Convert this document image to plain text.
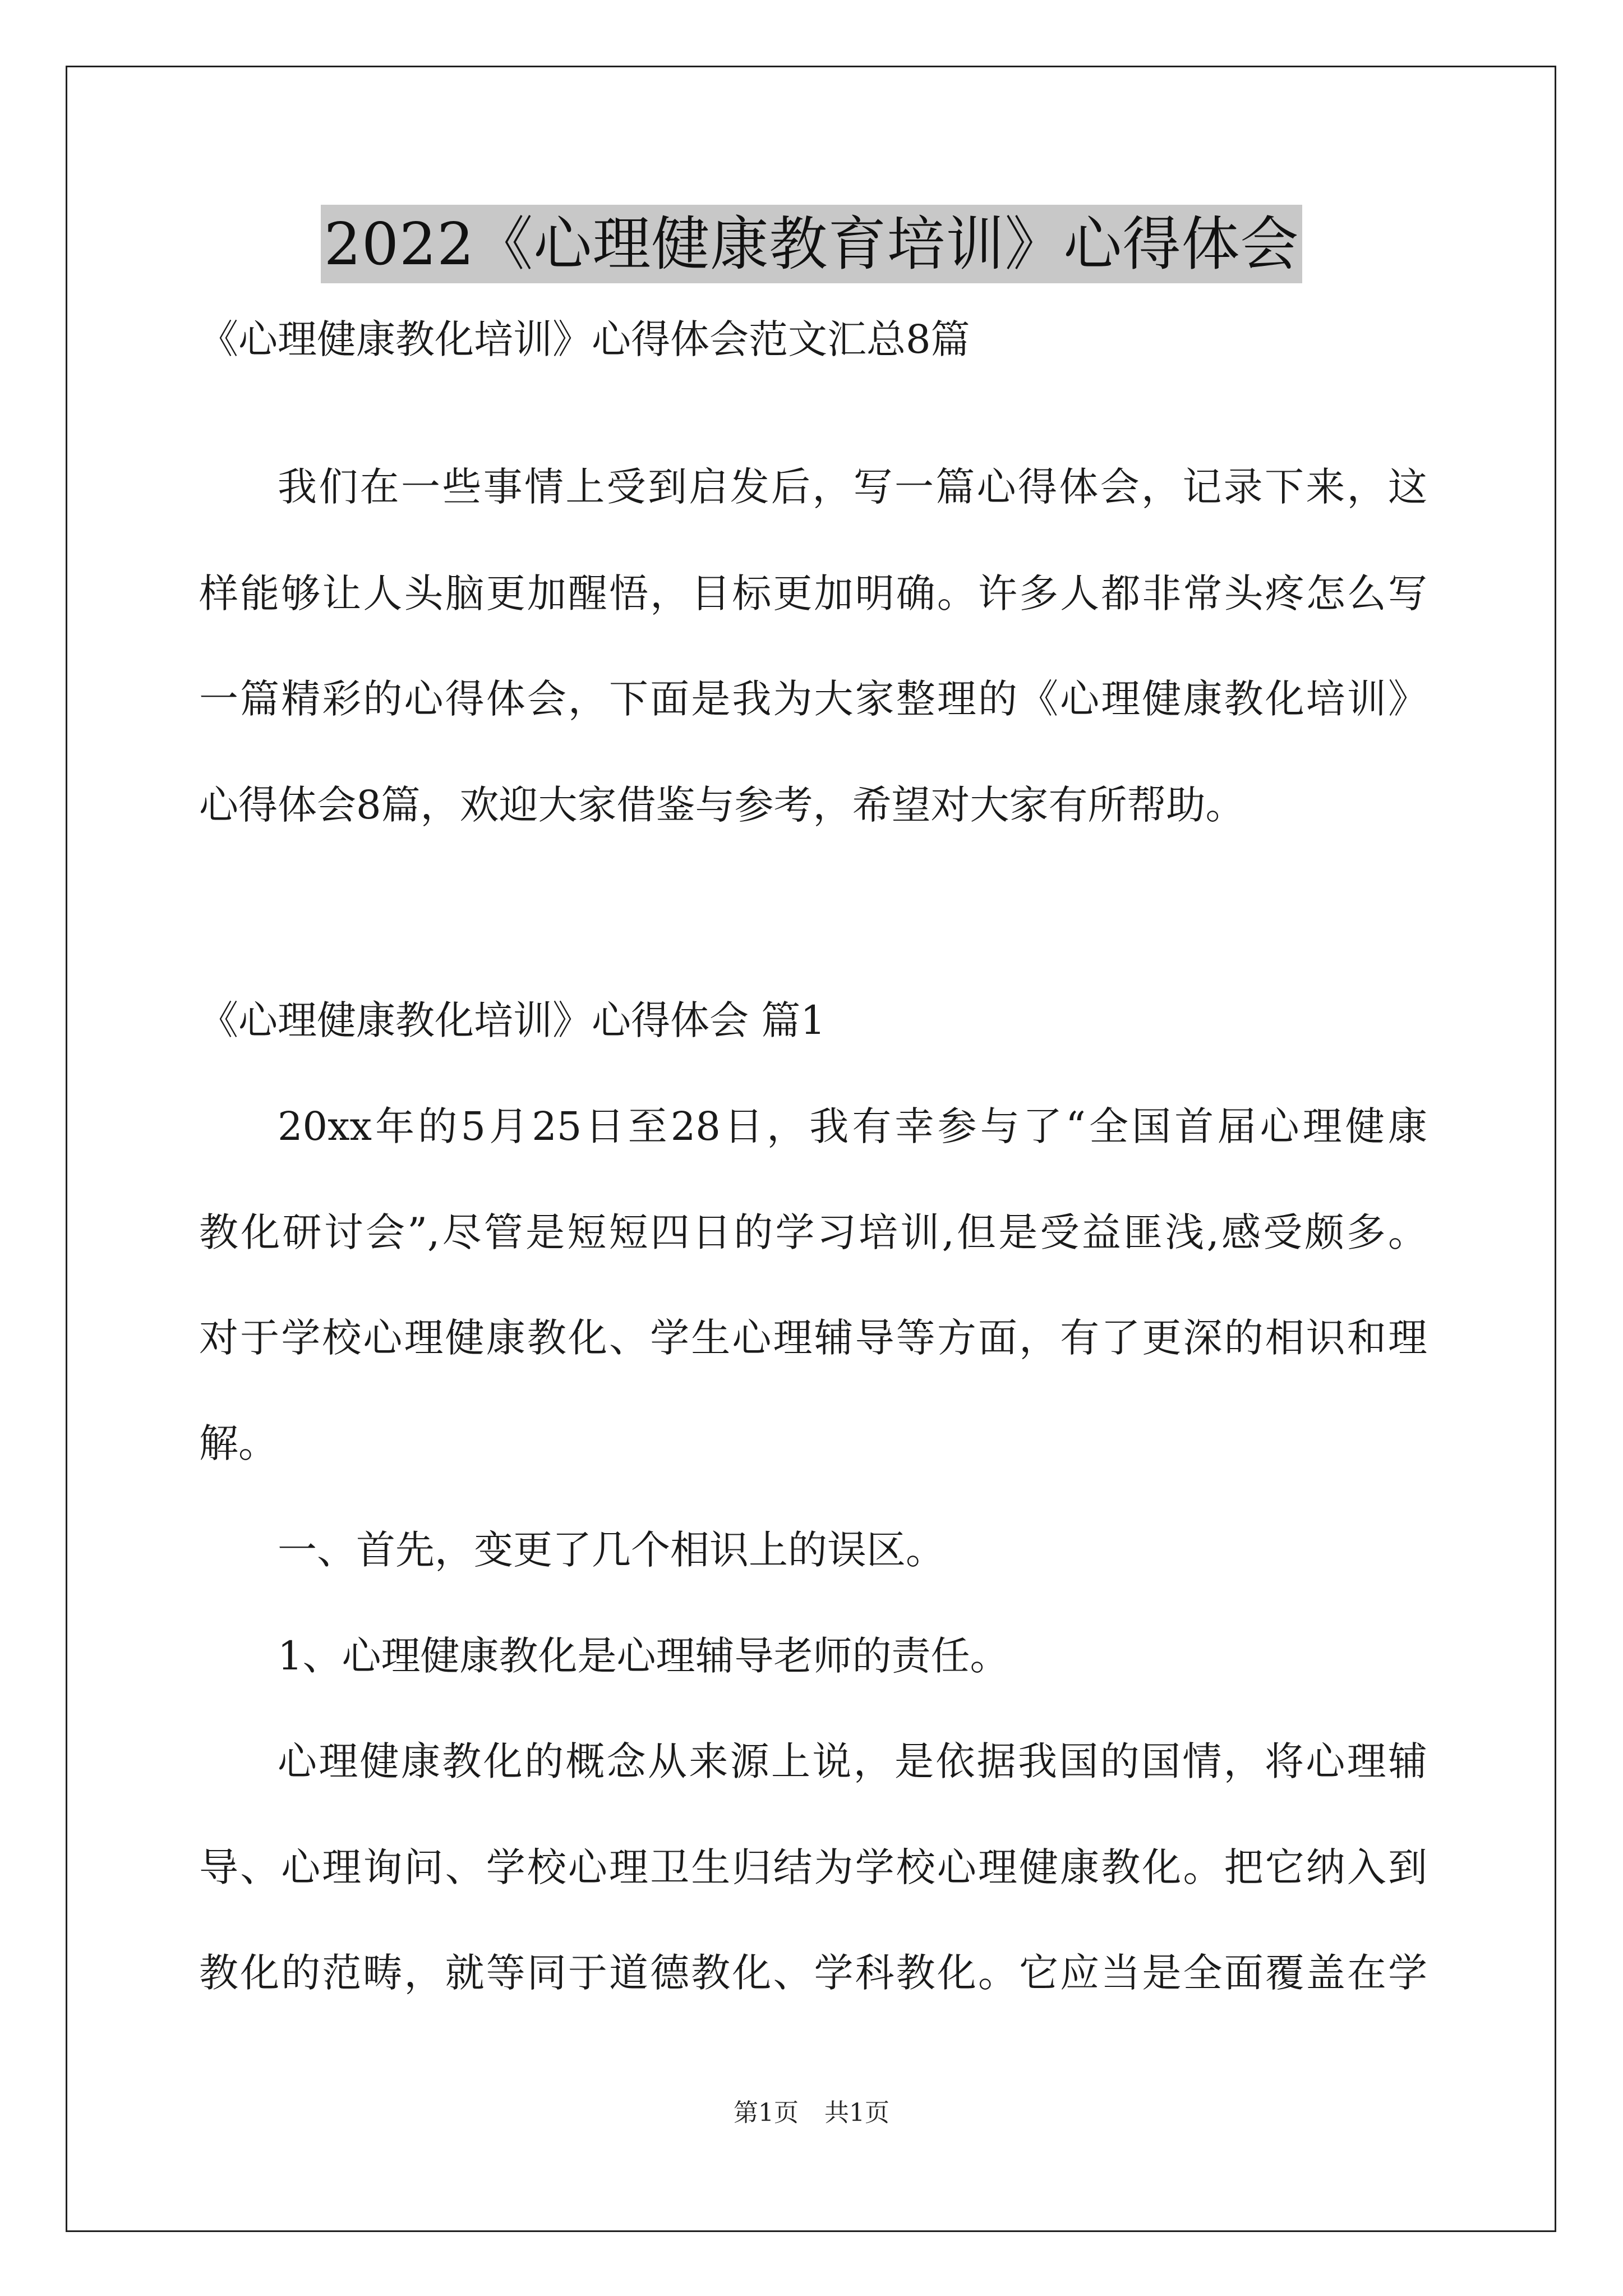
2022《心理健康教育培训》心得体会
《心理健康教化培训》心得体会范文汇总8篇
我们在一些事情上受到启发后，写一篇心得体会，记录下来，这
样能够让人头脑更加醒悟，目标更加明确。许多人都非常头疼怎么写
一篇精彩的心得体会，下面是我为大家整理的《心理健康教化培训》
心得体会8篇，欢迎大家借鉴与参考，希望对大家有所帮助。
《心理健康教化培训》心得体会 篇1
20xx年的5月25日至28日，我有幸参与了“全国首届心理健康
教化研讨会”,尽管是短短四日的学习培训,但是受益匪浅,感受颇多。
对于学校心理健康教化、学生心理辅导等方面，有了更深的相识和理
解。
一、首先，变更了几个相识上的误区。
1、心理健康教化是心理辅导老师的责任。
心理健康教化的概念从来源上说，是依据我国的国情，将心理辅
导、心理询问、学校心理卫生归结为学校心理健康教化。把它纳入到
教化的范畴，就等同于道德教化、学科教化。它应当是全面覆盖在学
第1页 共1页
